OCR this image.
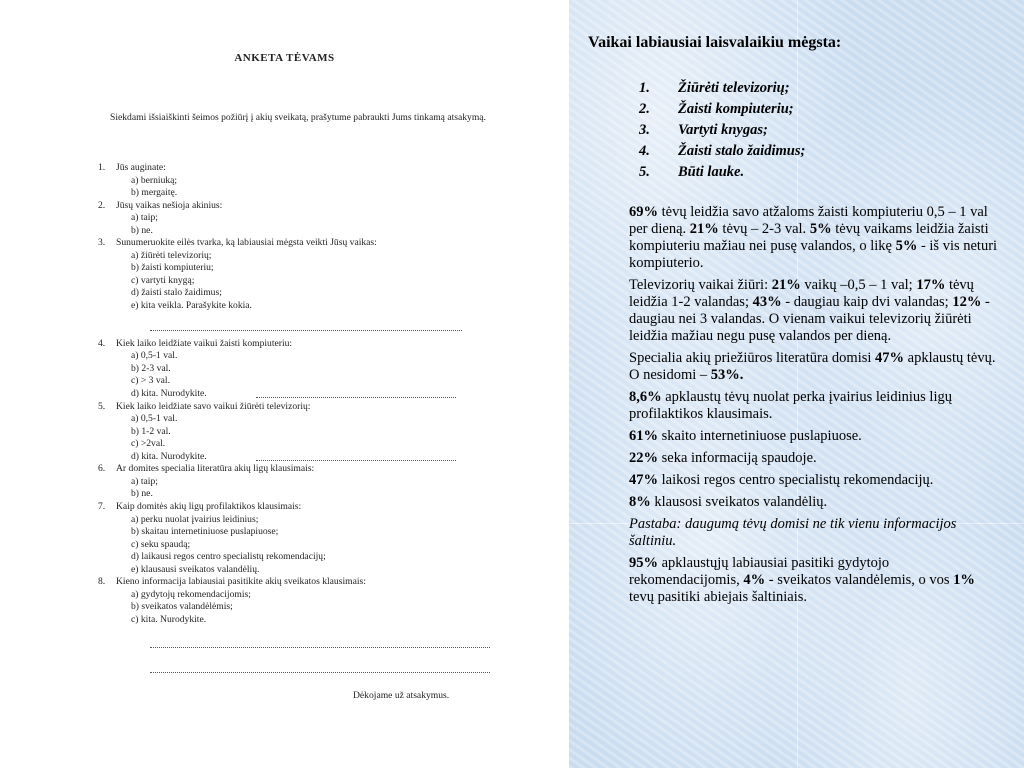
ANKETA TĖVAMS
Siekdami išsiaiškinti šeimos požiūrį į akių sveikatą, prašytume pabraukti Jums tinkamą atsakymą.
1. Jūs auginate:
a) berniuką;
b) mergaitę.
2. Jūsų vaikas nešioja akinius:
a) taip;
b) ne.
3. Sunumeruokite eilės tvarka, ką labiausiai mėgsta veikti Jūsų vaikas:
a) žiūrėti televizorių;
b) žaisti kompiuteriu;
c) vartyti knygą;
d) žaisti stalo žaidimus;
e) kita veikla. Parašykite kokia.
4. Kiek laiko leidžiate vaikui žaisti kompiuteriu:
a) 0,5-1 val.
b) 2-3 val.
c) > 3 val.
d) kita. Nurodykite.
5. Kiek laiko leidžiate savo vaikui žiūrėti televizorių:
a) 0,5-1 val.
b) 1-2 val.
c) >2val.
d) kita. Nurodykite.
6. Ar domites specialia literatūra akių ligų klausimais:
a) taip;
b) ne.
7. Kaip domitės akių ligų profilaktikos klausimais:
a) perku nuolat įvairius leidinius;
b) skaitau internetiniuose puslapiuose;
c) seku spaudą;
d) laikausi regos centro specialistų rekomendacijų;
e) klausausi sveikatos valandėlių.
8. Kieno informacija labiausiai pasitikite akių sveikatos klausimais:
a) gydytojų rekomendacijomis;
b) sveikatos valandėlėmis;
c) kita. Nurodykite.
Dėkojame už atsakymus.
Vaikai labiausiai laisvalaikiu mėgsta:
1. Žiūrėti televizorių;
2. Žaisti kompiuteriu;
3. Vartyti knygas;
4. Žaisti stalo žaidimus;
5. Būti lauke.

69% tėvų leidžia savo atžaloms žaisti kompiuteriu 0,5 – 1 val per dieną. 21% tėvų – 2-3 val. 5% tėvų vaikams leidžia žaisti kompiuteriu mažiau nei pusę valandos, o likę 5% - iš vis neturi kompiuterio.

Televizorių vaikai žiūri: 21% vaikų –0,5 – 1 val; 17% tėvų leidžia 1-2 valandas; 43% - daugiau kaip dvi valandas; 12% - daugiau nei 3 valandas. O vienam vaikui televizorių žiūrėti leidžia mažiau negu pusę valandos per dieną.

Specialia akių priežiūros literatūra domisi 47% apklaustų tėvų. O nesidomi – 53%.

8,6% apklaustų tėvų nuolat perka įvairius leidinius ligų profilaktikos klausimais.

61% skaito internetiniuose puslapiuose.

22% seka informaciją spaudoje.

47% laikosi regos centro specialistų rekomendacijų.

8% klausosi sveikatos valandėlių.

Pastaba: daugumą tėvų domisi ne tik vienu informacijos šaltiniu.

95% apklaustųjų labiausiai pasitiki gydytojo rekomendacijomis, 4% - sveikatos valandėlemis, o vos 1% tevų pasitiki abiejais šaltiniais.
